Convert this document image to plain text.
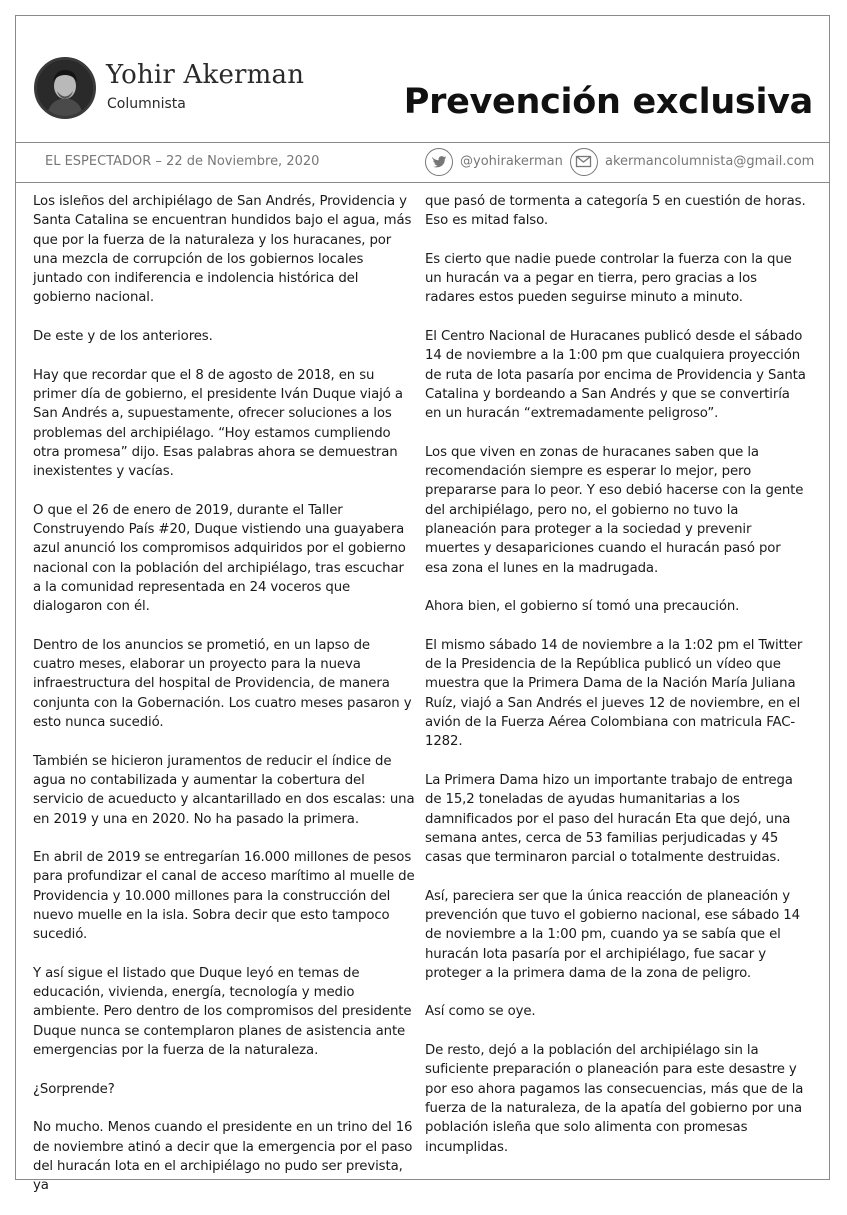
Yohir Akerman
Columnista	Prevención exclusiva
EL ESPECTADOR – 22 de Noviembre, 2020	@yohirakerman	akermancolumnista@gmail.com

Los isleños del archipiélago de San Andrés, Providencia y Santa Catalina se encuentran hundidos bajo el agua, más que por la fuerza de la naturaleza y los huracanes, por una mezcla de corrupción de los gobiernos locales juntado con indiferencia e indolencia histórica del gobierno nacional.

De este y de los anteriores.

Hay que recordar que el 8 de agosto de 2018, en su primer día de gobierno, el presidente Iván Duque viajó a San Andrés a, supuestamente, ofrecer soluciones a los problemas del archipiélago. “Hoy estamos cumpliendo otra promesa” dijo. Esas palabras ahora se demuestran inexistentes y vacías.

O que el 26 de enero de 2019, durante el Taller Construyendo País #20, Duque vistiendo una guayabera azul anunció los compromisos adquiridos por el gobierno nacional con la población del archipiélago, tras escuchar a la comunidad representada en 24 voceros que dialogaron con él.

Dentro de los anuncios se prometió, en un lapso de cuatro meses, elaborar un proyecto para la nueva infraestructura del hospital de Providencia, de manera conjunta con la Gobernación. Los cuatro meses pasaron y esto nunca sucedió.

También se hicieron juramentos de reducir el índice de agua no contabilizada y aumentar la cobertura del servicio de acueducto y alcantarillado en dos escalas: una en 2019 y una en 2020. No ha pasado la primera.

En abril de 2019 se entregarían 16.000 millones de pesos para profundizar el canal de acceso marítimo al muelle de Providencia y 10.000 millones para la construcción del nuevo muelle en la isla. Sobra decir que esto tampoco sucedió.

Y así sigue el listado que Duque leyó en temas de educación, vivienda, energía, tecnología y medio ambiente. Pero dentro de los compromisos del presidente Duque nunca se contemplaron planes de asistencia ante emergencias por la fuerza de la naturaleza.

¿Sorprende?

No mucho. Menos cuando el presidente en un trino del 16 de noviembre atinó a decir que la emergencia por el paso del huracán Iota en el archipiélago no pudo ser prevista, ya

que pasó de tormenta a categoría 5 en cuestión de horas. Eso es mitad falso.

Es cierto que nadie puede controlar la fuerza con la que un huracán va a pegar en tierra, pero gracias a los radares estos pueden seguirse minuto a minuto.

El Centro Nacional de Huracanes publicó desde el sábado 14 de noviembre a la 1:00 pm que cualquiera proyección de ruta de Iota pasaría por encima de Providencia y Santa Catalina y bordeando a San Andrés y que se convertiría en un huracán “extremadamente peligroso”.

Los que viven en zonas de huracanes saben que la recomendación siempre es esperar lo mejor, pero prepararse para lo peor. Y eso debió hacerse con la gente del archipiélago, pero no, el gobierno no tuvo la planeación para proteger a la sociedad y prevenir muertes y desapariciones cuando el huracán pasó por esa zona el lunes en la madrugada.

Ahora bien, el gobierno sí tomó una precaución.

El mismo sábado 14 de noviembre a la 1:02 pm el Twitter de la Presidencia de la República publicó un vídeo que muestra que la Primera Dama de la Nación María Juliana Ruíz, viajó a San Andrés el jueves 12 de noviembre, en el avión de la Fuerza Aérea Colombiana con matricula FAC-1282.

La Primera Dama hizo un importante trabajo de entrega de 15,2 toneladas de ayudas humanitarias a los damnificados por el paso del huracán Eta que dejó, una semana antes, cerca de 53 familias perjudicadas y 45 casas que terminaron parcial o totalmente destruidas.

Así, pareciera ser que la única reacción de planeación y prevención que tuvo el gobierno nacional, ese sábado 14 de noviembre a la 1:00 pm, cuando ya se sabía que el huracán Iota pasaría por el archipiélago, fue sacar y proteger a la primera dama de la zona de peligro.

Así como se oye.

De resto, dejó a la población del archipiélago sin la suficiente preparación o planeación para este desastre y por eso ahora pagamos las consecuencias, más que de la fuerza de la naturaleza, de la apatía del gobierno por una población isleña que solo alimenta con promesas incumplidas.
